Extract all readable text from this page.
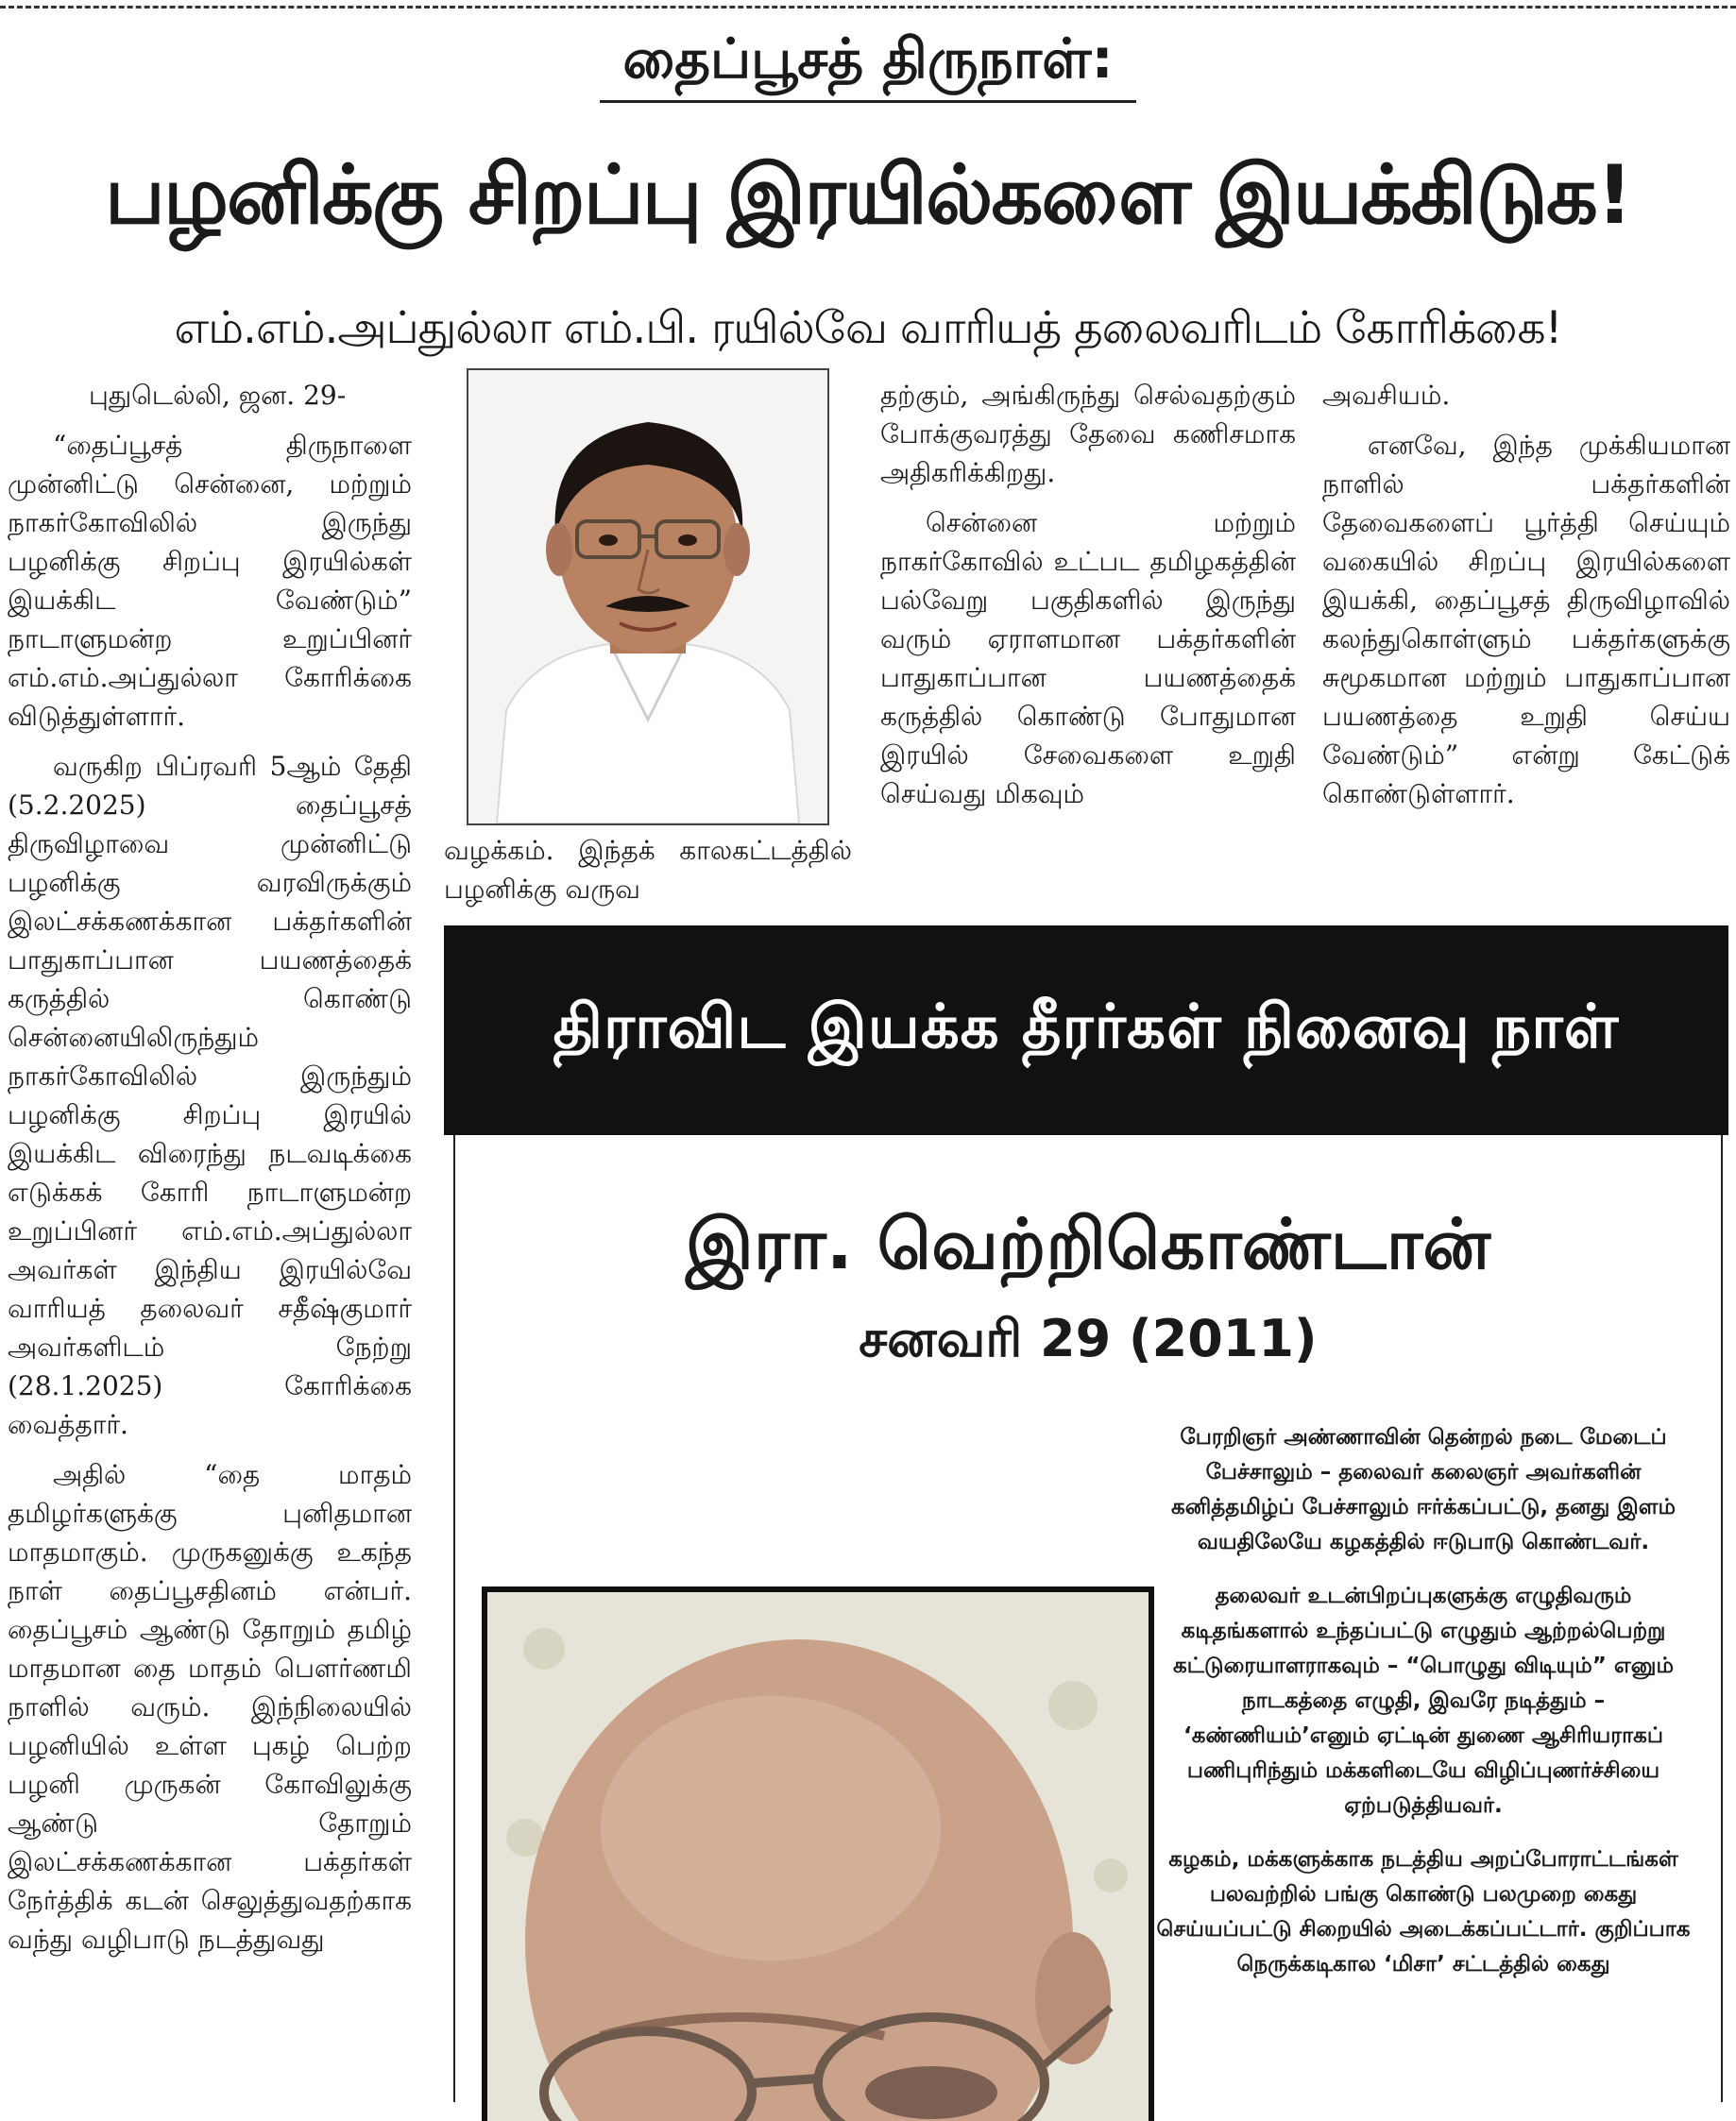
தைப்பூசத் திருநாள்:
பழனிக்கு சிறப்பு இரயில்களை இயக்கிடுக!
எம்.எம்.அப்துல்லா எம்.பி. ரயில்வே வாரியத் தலைவரிடம் கோரிக்கை!

புதுடெல்லி, ஜன. 29-

“தைப்பூசத் திருநாளை முன்னிட்டு சென்னை, மற்றும் நாகர்கோவிலில் இருந்து பழனிக்கு சிறப்பு இரயில்கள் இயக்கிட வேண்டும்” நாடாளுமன்ற உறுப்பினர் எம்.எம்.அப்துல்லா கோரிக்கை விடுத்துள்ளார்.

வருகிற பிப்ரவரி 5ஆம் தேதி (5.2.2025) தைப்பூசத் திருவிழாவை முன்னிட்டு பழனிக்கு வரவிருக்கும் இலட்சக்கணக்கான பக்தர்களின் பாதுகாப்பான பயணத்தைக் கருத்தில் கொண்டு சென்னையிலிருந்தும் நாகர்கோவிலில் இருந்தும் பழனிக்கு சிறப்பு இரயில் இயக்கிட விரைந்து நடவடிக்கை எடுக்கக் கோரி நாடாளுமன்ற உறுப்பினர் எம்.எம்.அப்துல்லா அவர்கள் இந்திய இரயில்வே வாரியத் தலைவர் சதீஷ்குமார் அவர்களிடம் நேற்று (28.1.2025) கோரிக்கை வைத்தார்.

அதில் “தை மாதம் தமிழர்களுக்கு புனிதமான மாதமாகும். முருகனுக்கு உகந்த நாள் தைப்பூசதினம் என்பர். தைப்பூசம் ஆண்டு தோறும் தமிழ் மாதமான தை மாதம் பௌர்ணமி நாளில் வரும். இந்நிலையில் பழனியில் உள்ள புகழ் பெற்ற பழனி முருகன் கோவிலுக்கு ஆண்டு தோறும் இலட்சக்கணக்கான பக்தர்கள் நேர்த்திக் கடன் செலுத்துவதற்காக வந்து வழிபாடு நடத்துவது

வழக்கம். இந்தக் காலகட்டத்தில் பழனிக்கு வருவ

தற்கும், அங்கிருந்து செல்வதற்கும் போக்குவரத்து தேவை கணிசமாக அதிகரிக்கிறது.

சென்னை மற்றும் நாகர்கோவில் உட்பட தமிழகத்தின் பல்வேறு பகுதிகளில் இருந்து வரும் ஏராளமான பக்தர்களின் பாதுகாப்பான பயணத்தைக் கருத்தில் கொண்டு போதுமான இரயில் சேவைகளை உறுதி செய்வது மிகவும்

அவசியம்.

எனவே, இந்த முக்கியமான நாளில் பக்தர்களின் தேவைகளைப் பூர்த்தி செய்யும் வகையில் சிறப்பு இரயில்களை இயக்கி, தைப்பூசத் திருவிழாவில் கலந்துகொள்ளும் பக்தர்களுக்கு சுமூகமான மற்றும் பாதுகாப்பான பயணத்தை உறுதி செய்ய வேண்டும்” என்று கேட்டுக் கொண்டுள்ளார்.

திராவிட இயக்க தீரர்கள் நினைவு நாள்
இரா. வெற்றிகொண்டான்
சனவரி 29 (2011)

பேரறிஞர் அண்ணாவின் தென்றல் நடை மேடைப் பேச்சாலும் – தலைவர் கலைஞர் அவர்களின் கனித்தமிழ்ப் பேச்சாலும் ஈர்க்கப்பட்டு, தனது இளம் வயதிலேயே கழகத்தில் ஈடுபாடு கொண்டவர்.

தலைவர் உடன்பிறப்புகளுக்கு எழுதிவரும் கடிதங்களால் உந்தப்பட்டு எழுதும் ஆற்றல்பெற்று கட்டுரையாளராகவும் – “பொழுது விடியும்” எனும் நாடகத்தை எழுதி, இவரே நடித்தும் – ‘கண்ணியம்’எனும் ஏட்டின் துணை ஆசிரியராகப் பணிபுரிந்தும் மக்களிடையே விழிப்புணர்ச்சியை ஏற்படுத்தியவர்.

கழகம், மக்களுக்காக நடத்திய அறப்போராட்டங்கள் பலவற்றில் பங்கு கொண்டு பலமுறை கைது செய்யப்பட்டு சிறையில் அடைக்கப்பட்டார். குறிப்பாக நெருக்கடிகால ‘மிசா’ சட்டத்தில் கைது
